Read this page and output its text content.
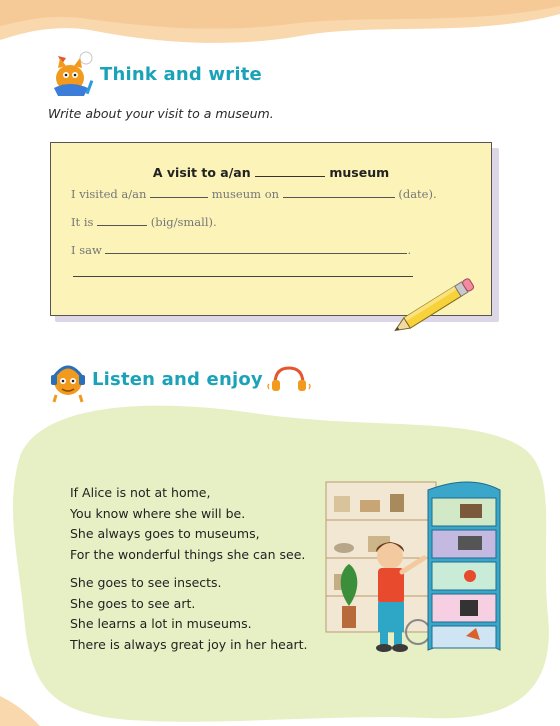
Think and write
Write about your visit to a museum.
A visit to a/an	museum
I visited a/an	museum on	(date).
It is	(big/small).
I saw	.
Listen and enjoy
If Alice is not at home,
You know where she will be.
She always goes to museums,
For the wonderful things she can see.
She goes to see insects.
She goes to see art.
She learns a lot in museums.
There is always great joy in her heart.
